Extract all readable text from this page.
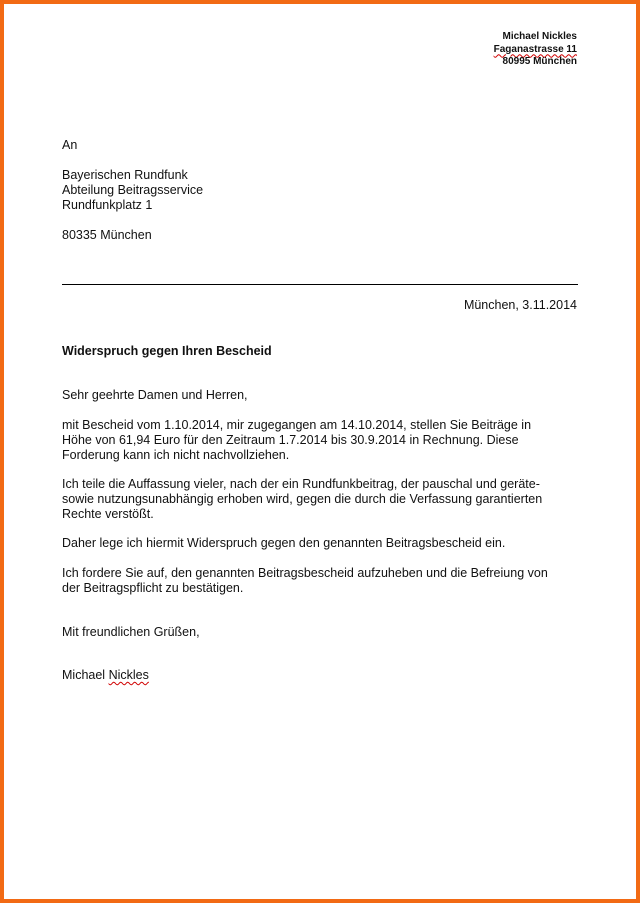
Michael Nickles
Faganastrasse 11
80995 München
An
Bayerischen Rundfunk
Abteilung Beitragsservice
Rundfunkplatz 1
80335 München
München, 3.11.2014
Widerspruch gegen Ihren Bescheid
Sehr geehrte Damen und Herren,
mit Bescheid vom 1.10.2014, mir zugegangen am 14.10.2014, stellen Sie Beiträge in
Höhe von 61,94 Euro für den Zeitraum 1.7.2014 bis 30.9.2014 in Rechnung. Diese
Forderung kann ich nicht nachvollziehen.
Ich teile die Auffassung vieler, nach der ein Rundfunkbeitrag, der pauschal und geräte-
sowie nutzungsunabhängig erhoben wird, gegen die durch die Verfassung garantierten
Rechte verstößt.
Daher lege ich hiermit Widerspruch gegen den genannten Beitragsbescheid ein.
Ich fordere Sie auf, den genannten Beitragsbescheid aufzuheben und die Befreiung von
der Beitragspflicht zu bestätigen.
Mit freundlichen Grüßen,
Michael Nickles
